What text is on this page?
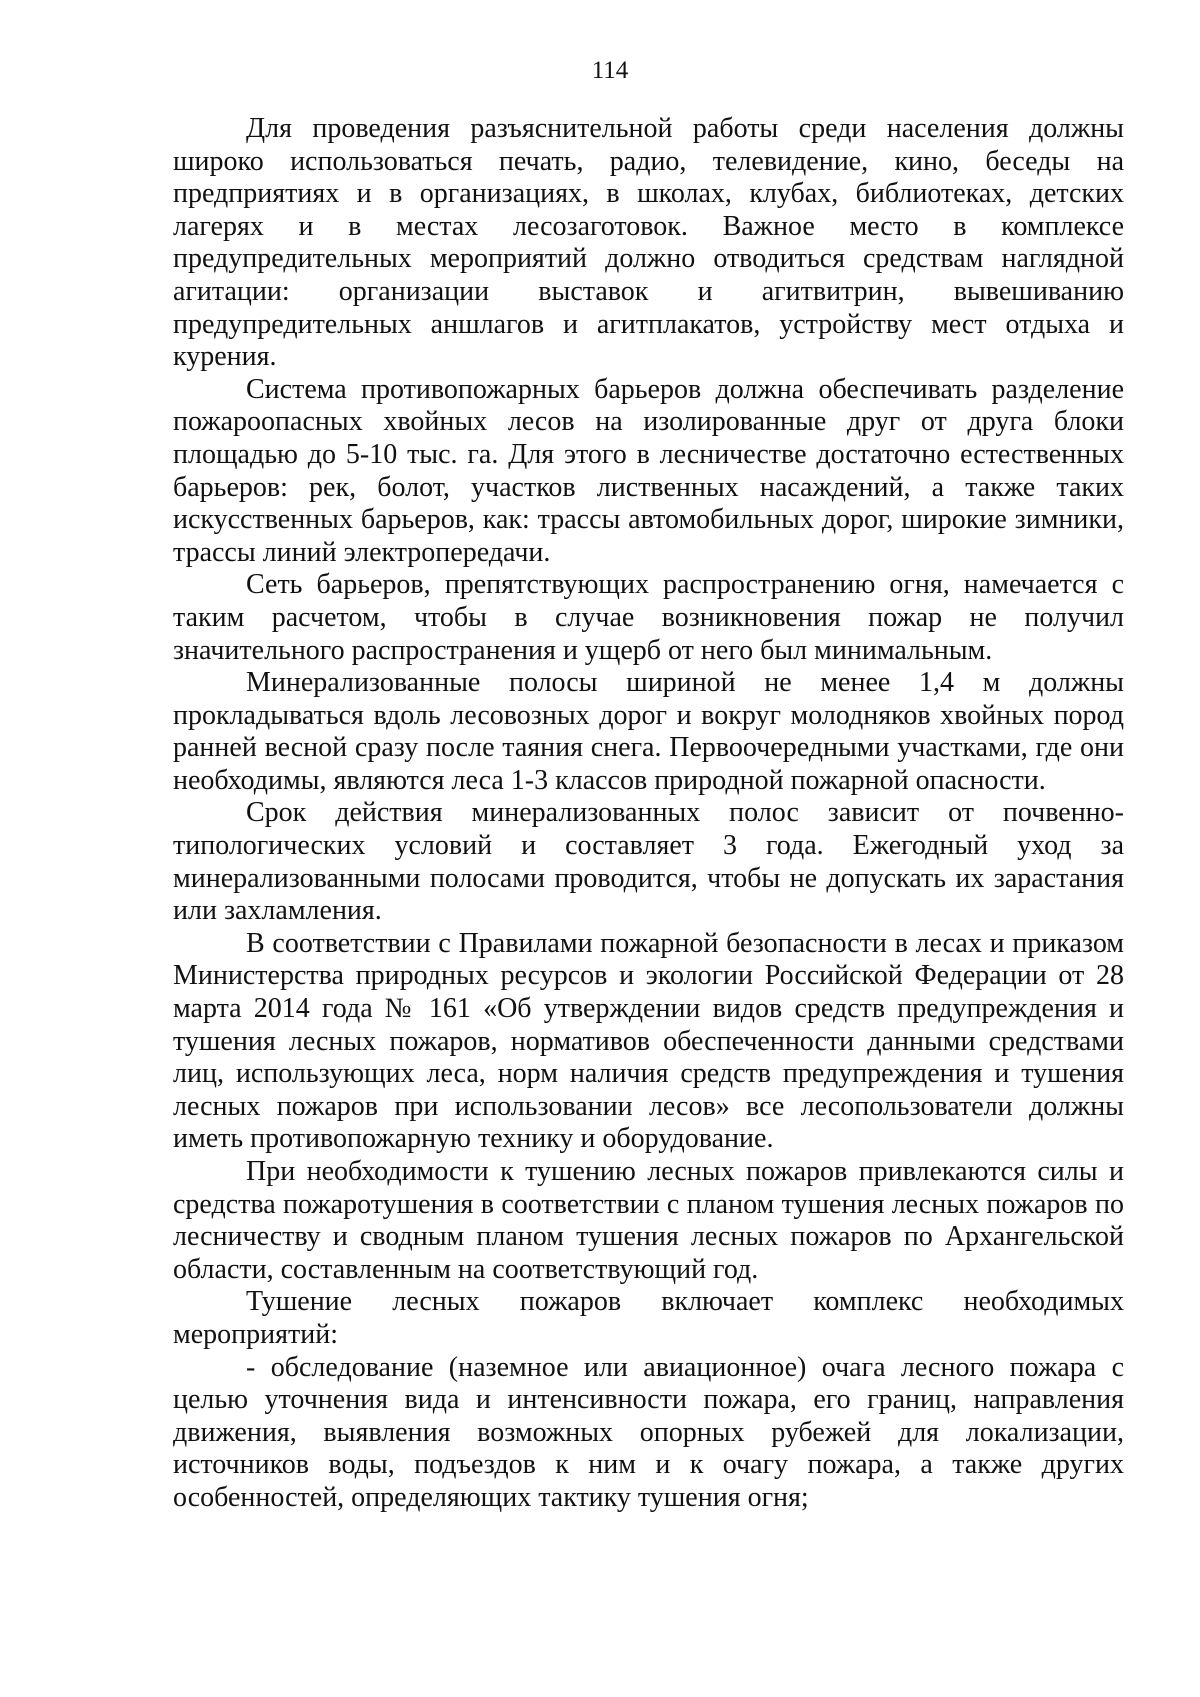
114

Для проведения разъяснительной работы среди населения должны широко использоваться печать, радио, телевидение, кино, беседы на предприятиях и в организациях, в школах, клубах, библиотеках, детских лагерях и в местах лесозаготовок. Важное место в комплексе предупредительных мероприятий должно отводиться средствам наглядной агитации: организации выставок и агитвитрин, вывешиванию предупредительных аншлагов и агитплакатов, устройству мест отдыха и курения.

Система противопожарных барьеров должна обеспечивать разделение пожароопасных хвойных лесов на изолированные друг от друга блоки площадью до 5-10 тыс. га. Для этого в лесничестве достаточно естественных барьеров: рек, болот, участков лиственных насаждений, а также таких искусственных барьеров, как: трассы автомобильных дорог, широкие зимники, трассы линий электропередачи.

Сеть барьеров, препятствующих распространению огня, намечается с таким расчетом, чтобы в случае возникновения пожар не получил значительного распространения и ущерб от него был минимальным.

Минерализованные полосы шириной не менее 1,4 м должны прокладываться вдоль лесовозных дорог и вокруг молодняков хвойных пород ранней весной сразу после таяния снега. Первоочередными участками, где они необходимы, являются леса 1-3 классов природной пожарной опасности.

Срок действия минерализованных полос зависит от почвенно-типологических условий и составляет 3 года. Ежегодный уход за минерализованными полосами проводится, чтобы не допускать их зарастания или захламления.

В соответствии с Правилами пожарной безопасности в лесах и приказом Министерства природных ресурсов и экологии Российской Федерации от 28 марта 2014 года № 161 «Об утверждении видов средств предупреждения и тушения лесных пожаров, нормативов обеспеченности данными средствами лиц, использующих леса, норм наличия средств предупреждения и тушения лесных пожаров при использовании лесов» все лесопользователи должны иметь противопожарную технику и оборудование.

При необходимости к тушению лесных пожаров привлекаются силы и средства пожаротушения в соответствии с планом тушения лесных пожаров по лесничеству и сводным планом тушения лесных пожаров по Архангельской области, составленным на соответствующий год.

Тушение лесных пожаров включает комплекс необходимых мероприятий:

- обследование (наземное или авиационное) очага лесного пожара с целью уточнения вида и интенсивности пожара, его границ, направления движения, выявления возможных опорных рубежей для локализации, источников воды, подъездов к ним и к очагу пожара, а также других особенностей, определяющих тактику тушения огня;
